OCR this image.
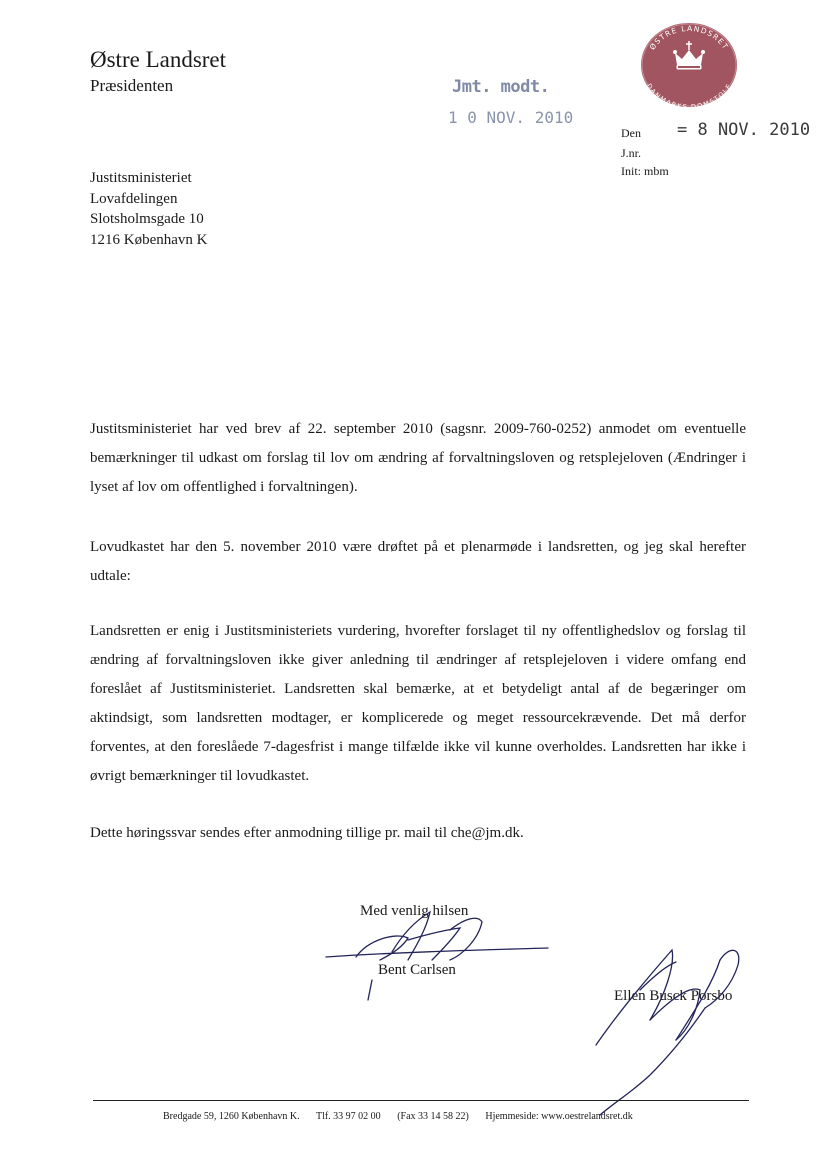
Østre Landsret
Præsidenten	Jmt. modt.
1 0 NOV. 2010
ØSTRE LANDSRET
DANMARKS DOMSTOLE
Den = 8 NOV. 2010
J.nr.
Init: mbm
Justitsministeriet
Lovafdelingen
Slotsholmsgade 10
1216 København K
Justitsministeriet har ved brev af 22. september 2010 (sagsnr. 2009-760-0252) anmodet om eventuelle bemærkninger til udkast om forslag til lov om ændring af forvaltningsloven og retsplejeloven (Ændringer i lyset af lov om offentlighed i forvaltningen).
Lovudkastet har den 5. november 2010 være drøftet på et plenarmøde i landsretten, og jeg skal herefter udtale:
Landsretten er enig i Justitsministeriets vurdering, hvorefter forslaget til ny offentlighedslov og forslag til ændring af forvaltningsloven ikke giver anledning til ændringer af retsplejeloven i videre omfang end foreslået af Justitsministeriet. Landsretten skal bemærke, at et betydeligt antal af de begæringer om aktindsigt, som landsretten modtager, er komplicerede og meget ressourcekrævende. Det må derfor forventes, at den foreslåede 7-dagesfrist i mange tilfælde ikke vil kunne overholdes. Landsretten har ikke i øvrigt bemærkninger til lovudkastet.
Dette høringssvar sendes efter anmodning tillige pr. mail til che@jm.dk.
Med venlig hilsen
Bent Carlsen
Ellen Busck Porsbo
Bredgade 59, 1260 København K. Tlf. 33 97 02 00 (Fax 33 14 58 22) Hjemmeside: www.oestrelandsret.dk
